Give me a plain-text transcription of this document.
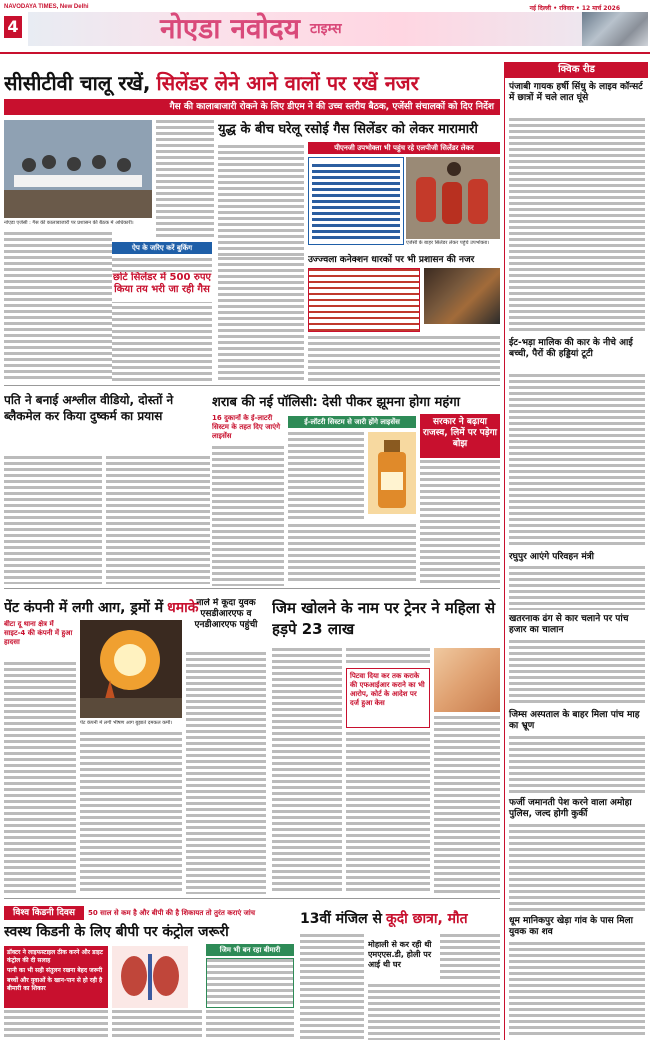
NAVODAYA TIMES, New Delhi
4	नोएडा नवोदय टाइम्स
नई दिल्ली • रविवार • 12 मार्च 2026
सीसीटीवी चालू रखें, सिलेंडर लेने आने वालों पर रखें नजर
गैस की कालाबाजारी रोकने के लिए डीएम ने की उच्च स्तरीय बैठक, एजेंसी संचालकों को दिए निर्देश
नोएडा एजेंसी : गैस की कालाबाजारी पर प्रशासन की बैठक में अधिकारी।
ऐप के जरिए करें बुकिंग
छोटे सिलेंडर में 500 रुपए किया तय भरी जा रही गैस
युद्ध के बीच घरेलू रसोई गैस सिलेंडर को लेकर मारामारी
पीएनजी उपभोक्ता भी पहुंच रहे एलपीजी सिलेंडर लेकर
एजेंसी के बाहर सिलेंडर लेकर पहुंचे उपभोक्ता।
उज्ज्वला कनेक्शन धारकों पर भी प्रशासन की नजर
पति ने बनाई अश्लील वीडियो, दोस्तों ने ब्लैकमेल कर किया दुष्कर्म का प्रयास
शराब की नई पॉलिसी: देसी पीकर झूमना होगा महंगा
16 दुकानों के ई-लाटरी सिस्टम के तहत दिए जाएंगे लाइसेंस
ई-लॉटरी सिस्टम से जारी होंगे लाइसेंस	सरकार ने बढ़ाया राजस्व, लिमें पर पड़ेगा बोझ
पेंट कंपनी में लगी आग, ड्रमों में धमाके
बीटा दू थाना क्षेत्र में साइट-4 की कंपनी में हुआ हादसा
पेंट कंपनी में लगी भीषण आग बुझाते दमकल कर्मी।
नाले में कूदा युवक एसडीआरएफ व एनडीआरएफ पहुंची
जिम खोलने के नाम पर ट्रेनर ने महिला से हड़पे 23 लाख
पिटवा दिया कर तक कराके की एफआईआर कराने का भी आरोप, कोर्ट के आदेश पर दर्ज हुआ केस
विश्व किडनी दिवस	50 साल से कम है और बीपी की है शिकायत तो तुरंत कराएं जांच
स्वस्थ किडनी के लिए बीपी पर कंट्रोल जरूरी
डॉक्टर ने लाइफस्टाइल ठीक करने और डाइट कंट्रोल की दी सलाह
पानी का भी सही संतुलन रखना बेहद जरूरी
बच्चों और युवाओं के खान-पान से हो रही है बीमारी का शिकार
जिम भी बन रहा बीमारी
13वीं मंजिल से कूदी छात्रा, मौत
मोहाली से कर रही थी एमएएस.डी, होली पर आई थी घर
क्विक रीड
पंजाबी गायक हर्षी सिंधु के लाइव कॉन्सर्ट में छात्रों में चले लात घूंसे
ईट-भड़ा मालिक की कार के नीचे आई बच्ची, पैरों की हड्डियां टूटी
रघुपुर आएंगे परिवहन मंत्री
खतरनाक ढंग से कार चलाने पर पांच हजार का चालान
जिम्स अस्पताल के बाहर मिला पांच माह का भ्रूण
फर्जी जमानती पेश करने वाला अमोहा पुलिस, जल्द होगी कुर्की
धूम मानिकपुर खेड़ा गांव के पास मिला युवक का शव
